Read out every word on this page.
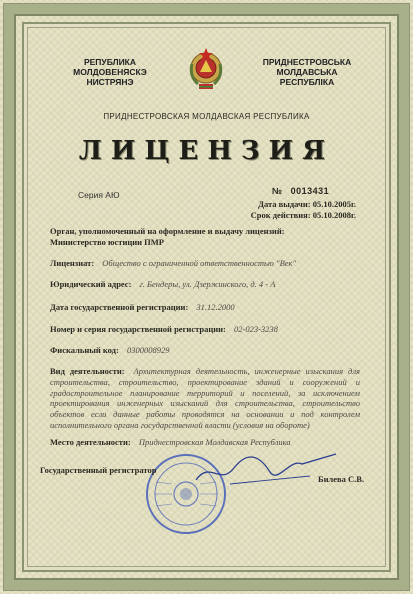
РЕПУБЛИКА
МОЛДОВЕНЯСКЭ
НИСТРЯНЭ
ПРИДНЕСТРОВСЬКА
МОЛДАВСЬКА
РЕСПУБЛIКА
ПРИДНЕСТРОВСКАЯ МОЛДАВСКАЯ РЕСПУБЛИКА
ЛИЦЕНЗИЯ
Серия АЮ	№ 0013431
Дата выдачи: 05.10.2005г.
Срок действия: 05.10.2008г.
Орган, уполномоченный на оформление и выдачу лицензий:
Министерство юстиции ПМР
Лицензиат: Общество с ограниченной ответственностью "Век"
Юридический адрес: г. Бендеры, ул. Дзержинского, д. 4 - А
Дата государственной регистрации: 31.12.2000
Номер и серия государственной регистрации: 02-023-3238
Фискальный код: 0300008929
Вид деятельности: Архитектурная деятельность, инженерные изыскания для строительства, строительство, проектирование зданий и сооружений и градостроительное планирование территорий и поселений, за исключением проектирования инженерных изысканий для строительства, строительство объектов если данные работы проводятся на основании и под контролем исполнительного органа государственной власти (условия на обороте)
Место деятельности: Приднестровская Молдавская Республика
Государственный регистратор
Билева С.В.
